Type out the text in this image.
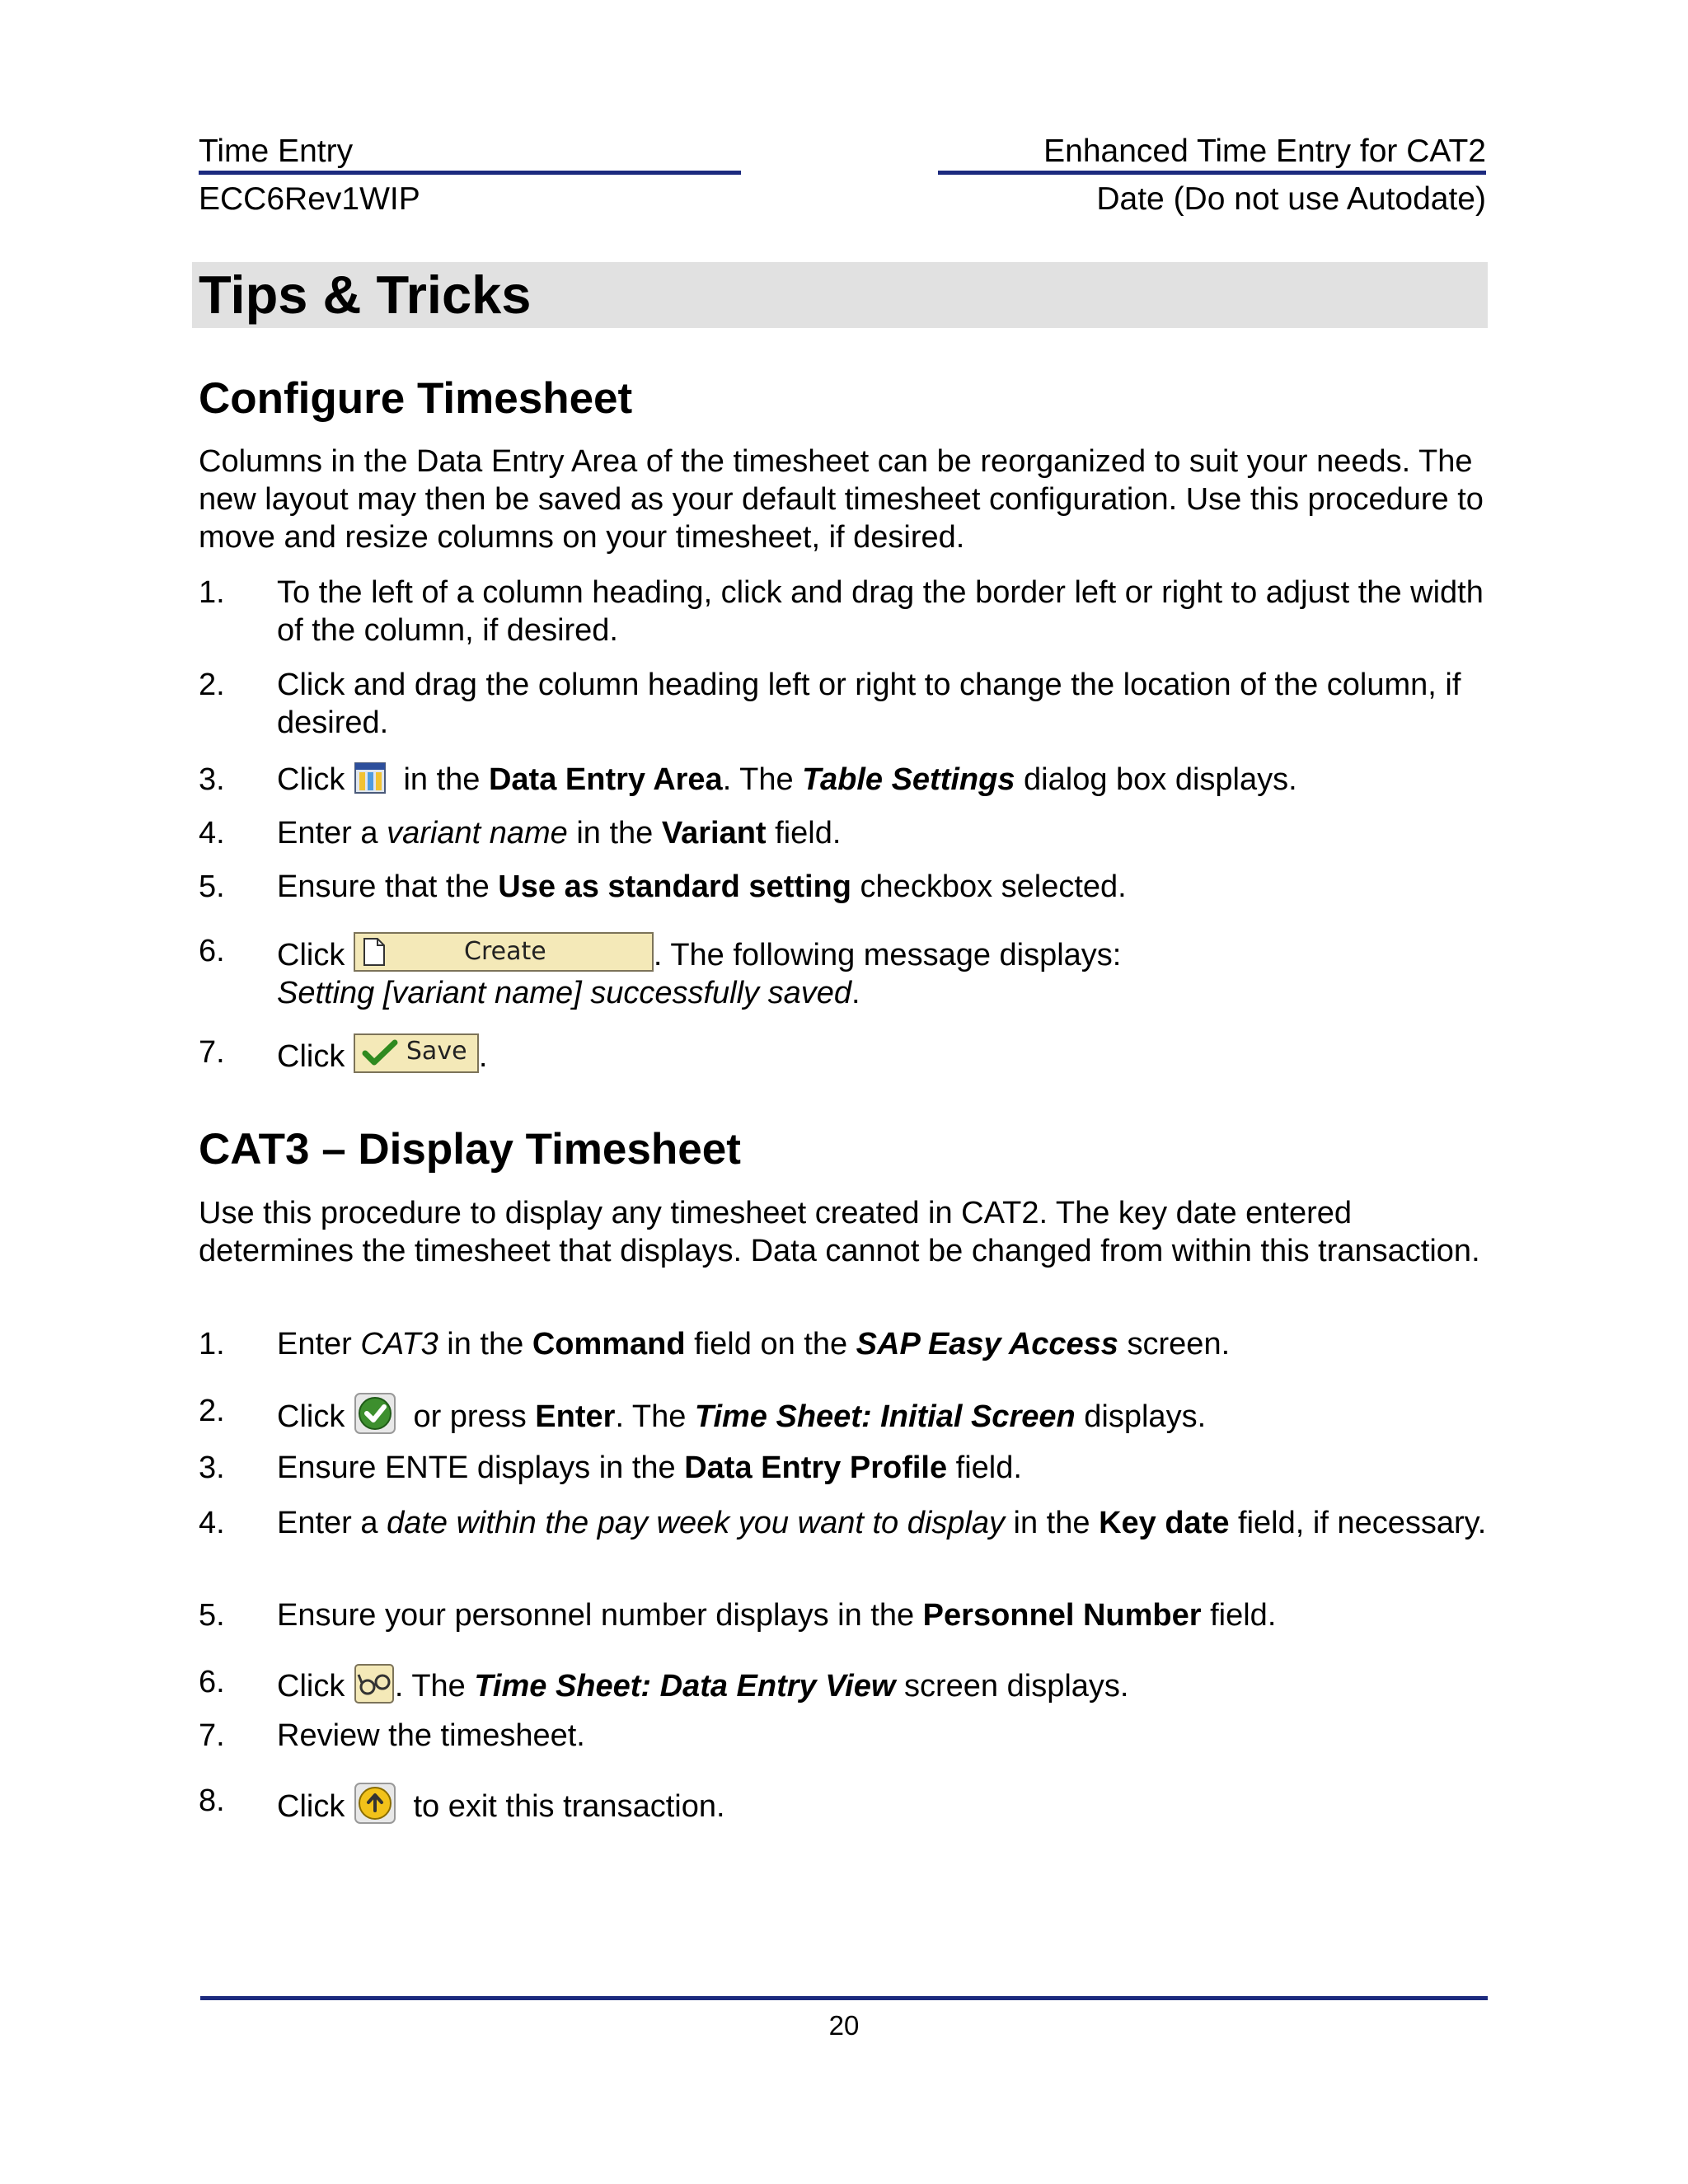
Time Entry	Enhanced Time Entry for CAT2
ECC6Rev1WIP	Date (Do not use Autodate)
Tips & Tricks
Configure Timesheet
Columns in the Data Entry Area of the timesheet can be reorganized to suit your needs. The new layout may then be saved as your default timesheet configuration. Use this procedure to move and resize columns on your timesheet, if desired.
1.	To the left of a column heading, click and drag the border left or right to adjust the width of the column, if desired.
2.	Click and drag the column heading left or right to change the location of the column, if desired.
3.	Click in the Data Entry Area. The Table Settings dialog box displays.
4.	Enter a variant name in the Variant field.
5.	Ensure that the Use as standard setting checkbox selected.
6.	Click	Create	. The following message displays:
Setting [variant name] successfully saved.
7.	Click Save .
CAT3 – Display Timesheet
Use this procedure to display any timesheet created in CAT2. The key date entered determines the timesheet that displays. Data cannot be changed from within this transaction.
1.	Enter CAT3 in the Command field on the SAP Easy Access screen.
2.	Click or press Enter. The Time Sheet: Initial Screen displays.
3.	Ensure ENTE displays in the Data Entry Profile field.
4.	Enter a date within the pay week you want to display in the Key date field, if necessary.
5.	Ensure your personnel number displays in the Personnel Number field.
6.	Click . The Time Sheet: Data Entry View screen displays.
7.	Review the timesheet.
8.	Click to exit this transaction.
20
